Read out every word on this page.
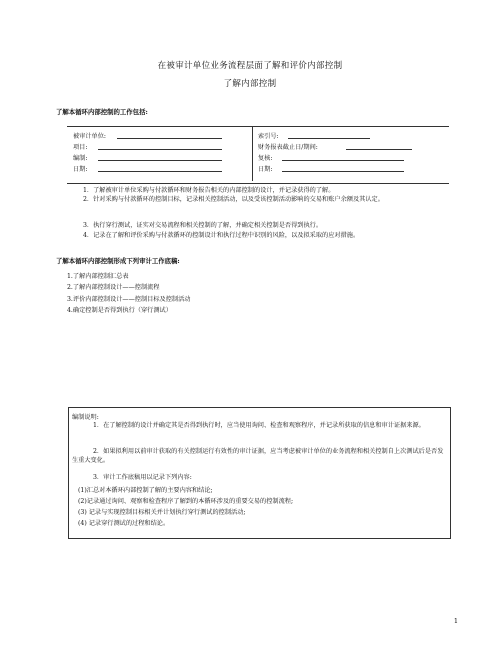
在被审计单位业务流程层面了解和评价内部控制
了解内部控制
了解本循环内部控制的工作包括:
被审计单位:
项目:
编制:
日期:
索引号:
财务报表截止日/期间:
复核:
日期:
1．了解被审计单位采购与付款循环和财务报告相关的内部控制的设计，并记录获得的了解。
2．针对采购与付款循环的控制目标，记录相关控制活动，以及受该控制活动影响的交易和账户余额及其认定。
3．执行穿行测试，证实对交易流程和相关控制的了解，并确定相关控制是否得到执行。
4．记录在了解和评价采购与付款循环的控制设计和执行过程中识别的风险，以及拟采取的应对措施。
了解本循环内部控制形成下列审计工作底稿:
1.了解内部控制汇总表
2.了解内部控制设计——控制流程
3.评价内部控制设计——控制目标及控制活动
4.确定控制是否得到执行（穿行测试）
编制说明:
1．在了解控制的设计并确定其是否得到执行时，应当使用询问、检查和观察程序，并记录所获取的信息和审计证据来源。
2．如果拟利用以前审计获取的有关控制运行有效性的审计证据，应当考虑被审计单位的业务流程和相关控制自上次测试后是否发生重大变化。
3．审计工作底稿用以记录下列内容:
(1)汇总对本循环内部控制了解的主要内容和结论;
(2)记录通过询问、观察和检查程序了解到的本循环涉及的重要交易的控制流程;
(3) 记录与实现控制目标相关并计划执行穿行测试的控制活动;
(4) 记录穿行测试的过程和结论。
1
